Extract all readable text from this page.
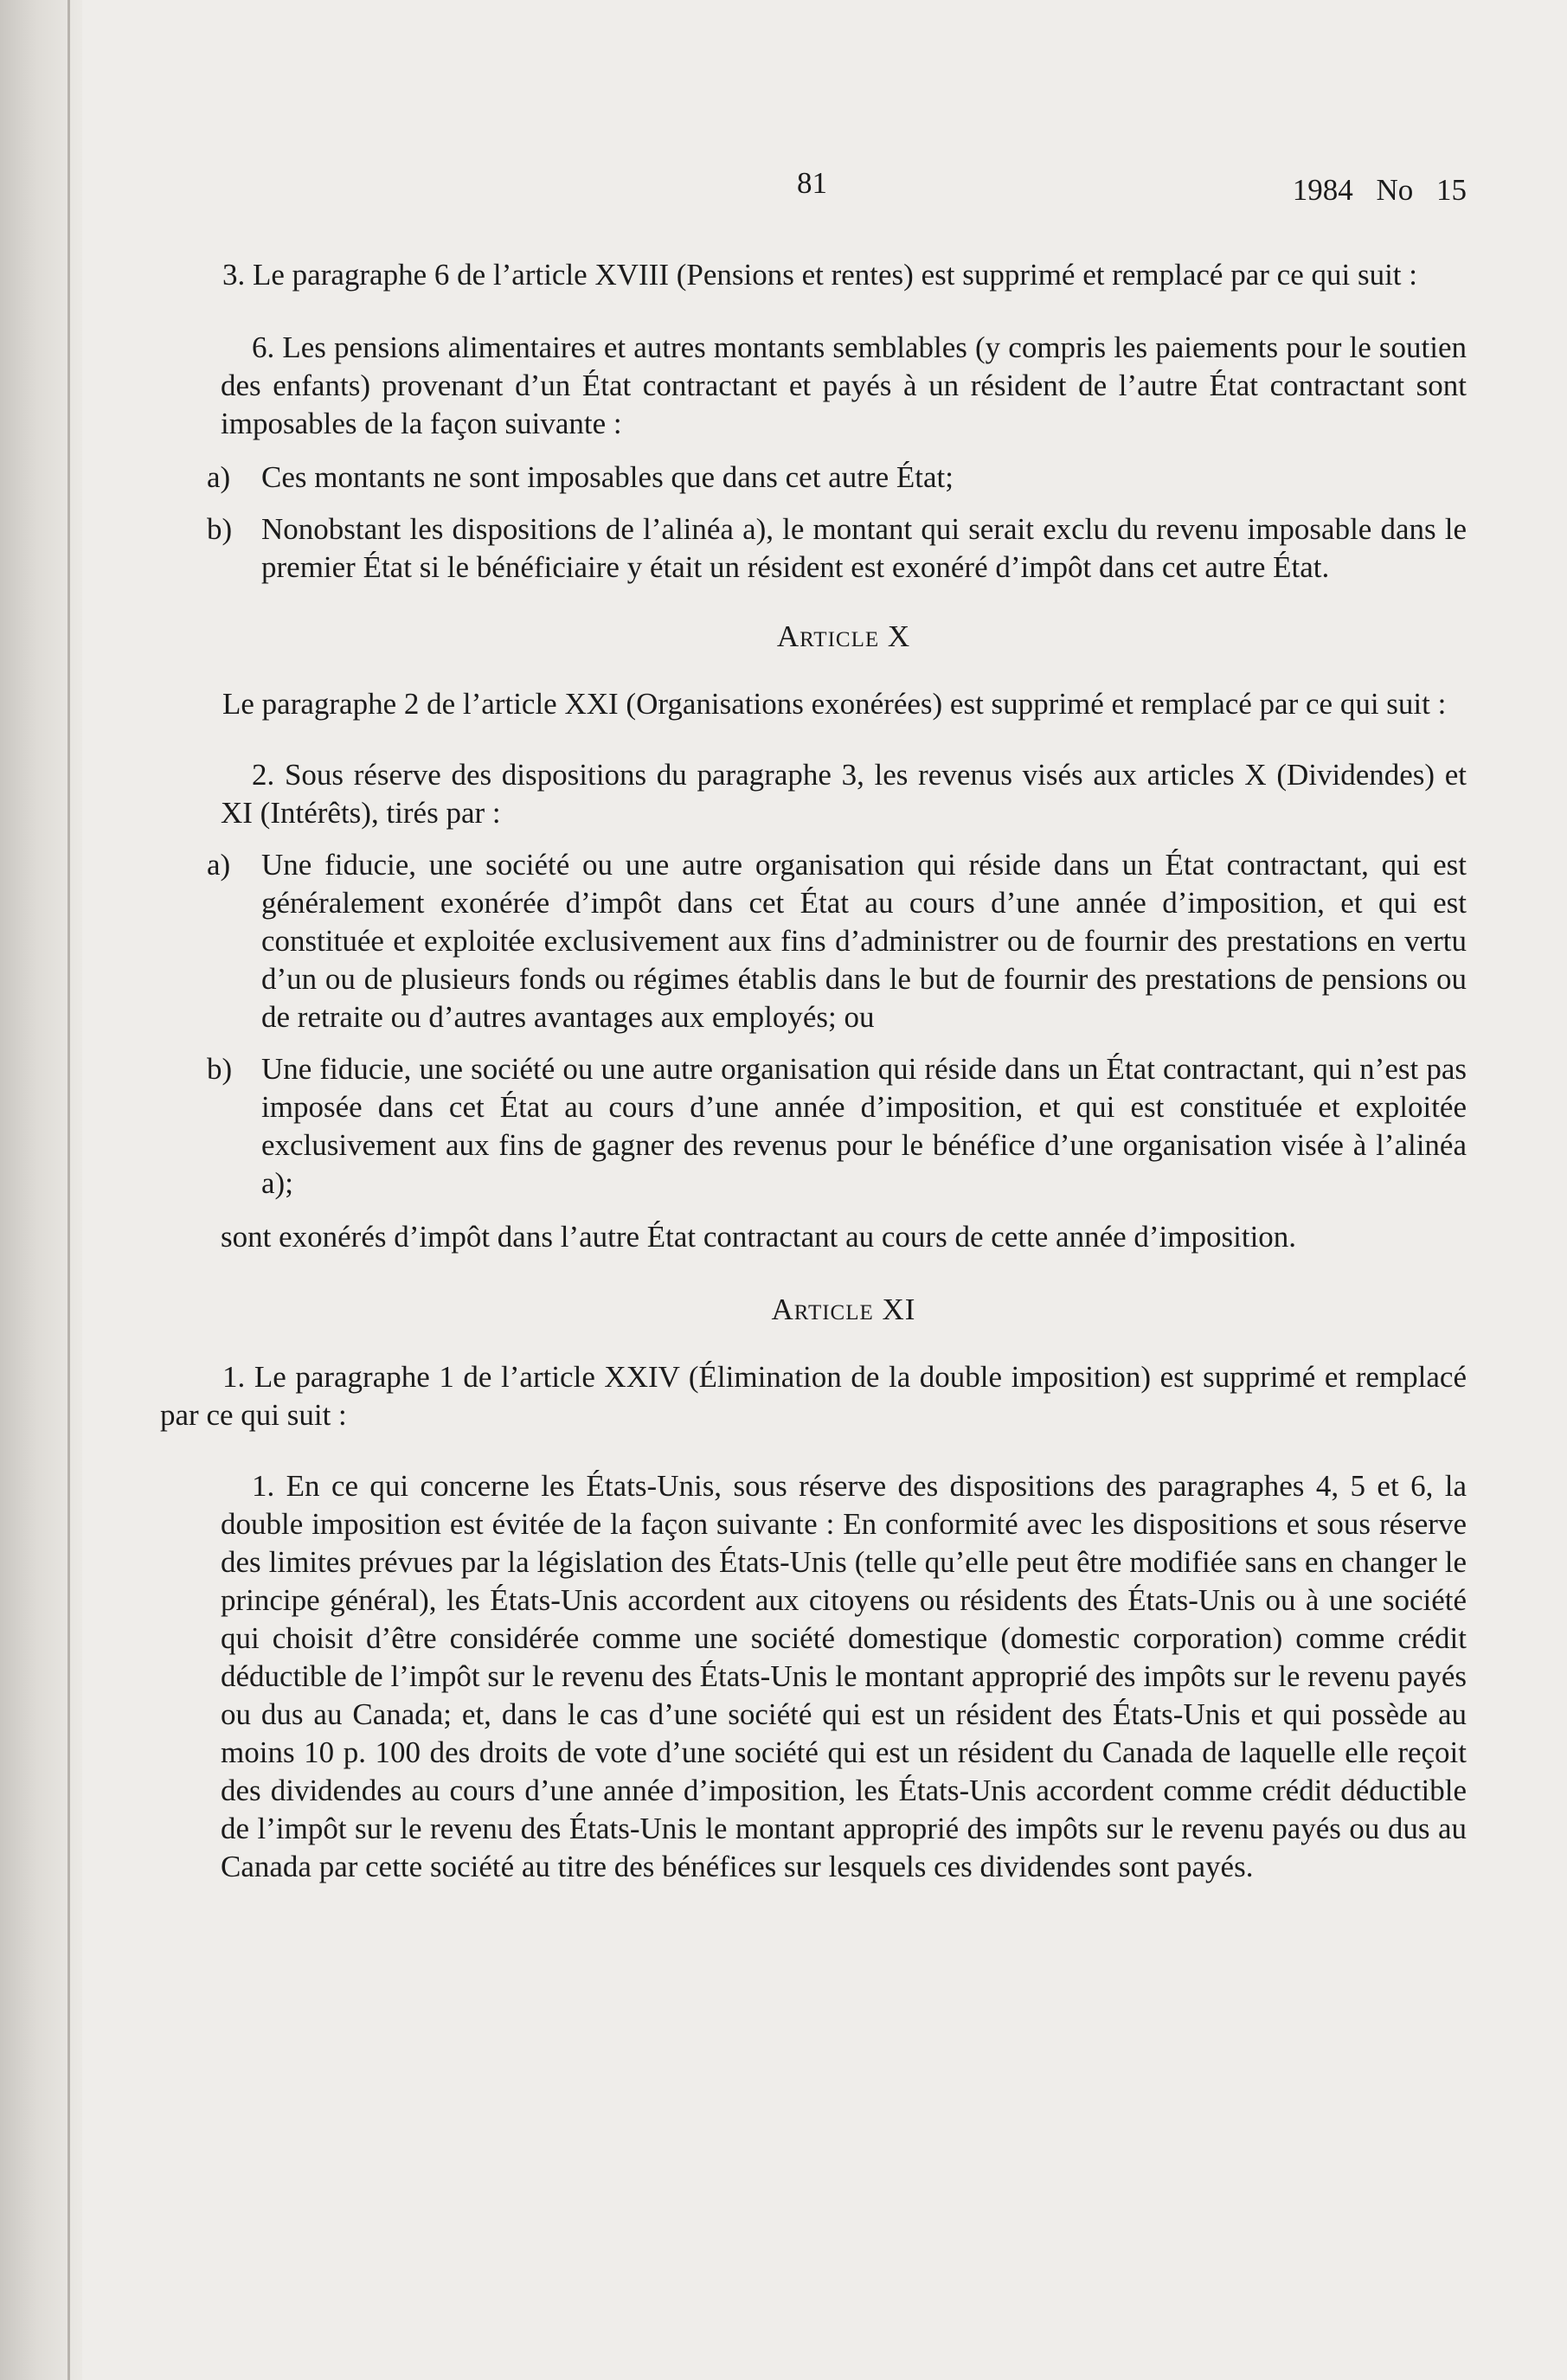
81	1984 No 15

3. Le paragraphe 6 de l’article XVIII (Pensions et rentes) est supprimé et remplacé par ce qui suit :

6. Les pensions alimentaires et autres montants semblables (y compris les paiements pour le soutien des enfants) provenant d’un État contractant et payés à un résident de l’autre État contractant sont imposables de la façon suivante :

a) Ces montants ne sont imposables que dans cet autre État;

b) Nonobstant les dispositions de l’alinéa a), le montant qui serait exclu du revenu imposable dans le premier État si le bénéficiaire y était un résident est exonéré d’impôt dans cet autre État.

Article X

Le paragraphe 2 de l’article XXI (Organisations exonérées) est supprimé et remplacé par ce qui suit :

2. Sous réserve des dispositions du paragraphe 3, les revenus visés aux articles X (Dividendes) et XI (Intérêts), tirés par :

a) Une fiducie, une société ou une autre organisation qui réside dans un État contractant, qui est généralement exonérée d’impôt dans cet État au cours d’une année d’imposition, et qui est constituée et exploitée exclusivement aux fins d’administrer ou de fournir des prestations en vertu d’un ou de plusieurs fonds ou régimes établis dans le but de fournir des prestations de pensions ou de retraite ou d’autres avantages aux employés; ou

b) Une fiducie, une société ou une autre organisation qui réside dans un État contractant, qui n’est pas imposée dans cet État au cours d’une année d’imposition, et qui est constituée et exploitée exclusivement aux fins de gagner des revenus pour le bénéfice d’une organisation visée à l’alinéa a);

sont exonérés d’impôt dans l’autre État contractant au cours de cette année d’imposition.

Article XI

1. Le paragraphe 1 de l’article XXIV (Élimination de la double imposition) est supprimé et remplacé par ce qui suit :

1. En ce qui concerne les États-Unis, sous réserve des dispositions des paragraphes 4, 5 et 6, la double imposition est évitée de la façon suivante : En conformité avec les dispositions et sous réserve des limites prévues par la législation des États-Unis (telle qu’elle peut être modifiée sans en changer le principe général), les États-Unis accordent aux citoyens ou résidents des États-Unis ou à une société qui choisit d’être considérée comme une société domestique (domestic corporation) comme crédit déductible de l’impôt sur le revenu des États-Unis le montant approprié des impôts sur le revenu payés ou dus au Canada; et, dans le cas d’une société qui est un résident des États-Unis et qui possède au moins 10 p. 100 des droits de vote d’une société qui est un résident du Canada de laquelle elle reçoit des dividendes au cours d’une année d’imposition, les États-Unis accordent comme crédit déductible de l’impôt sur le revenu des États-Unis le montant approprié des impôts sur le revenu payés ou dus au Canada par cette société au titre des bénéfices sur lesquels ces dividendes sont payés.
